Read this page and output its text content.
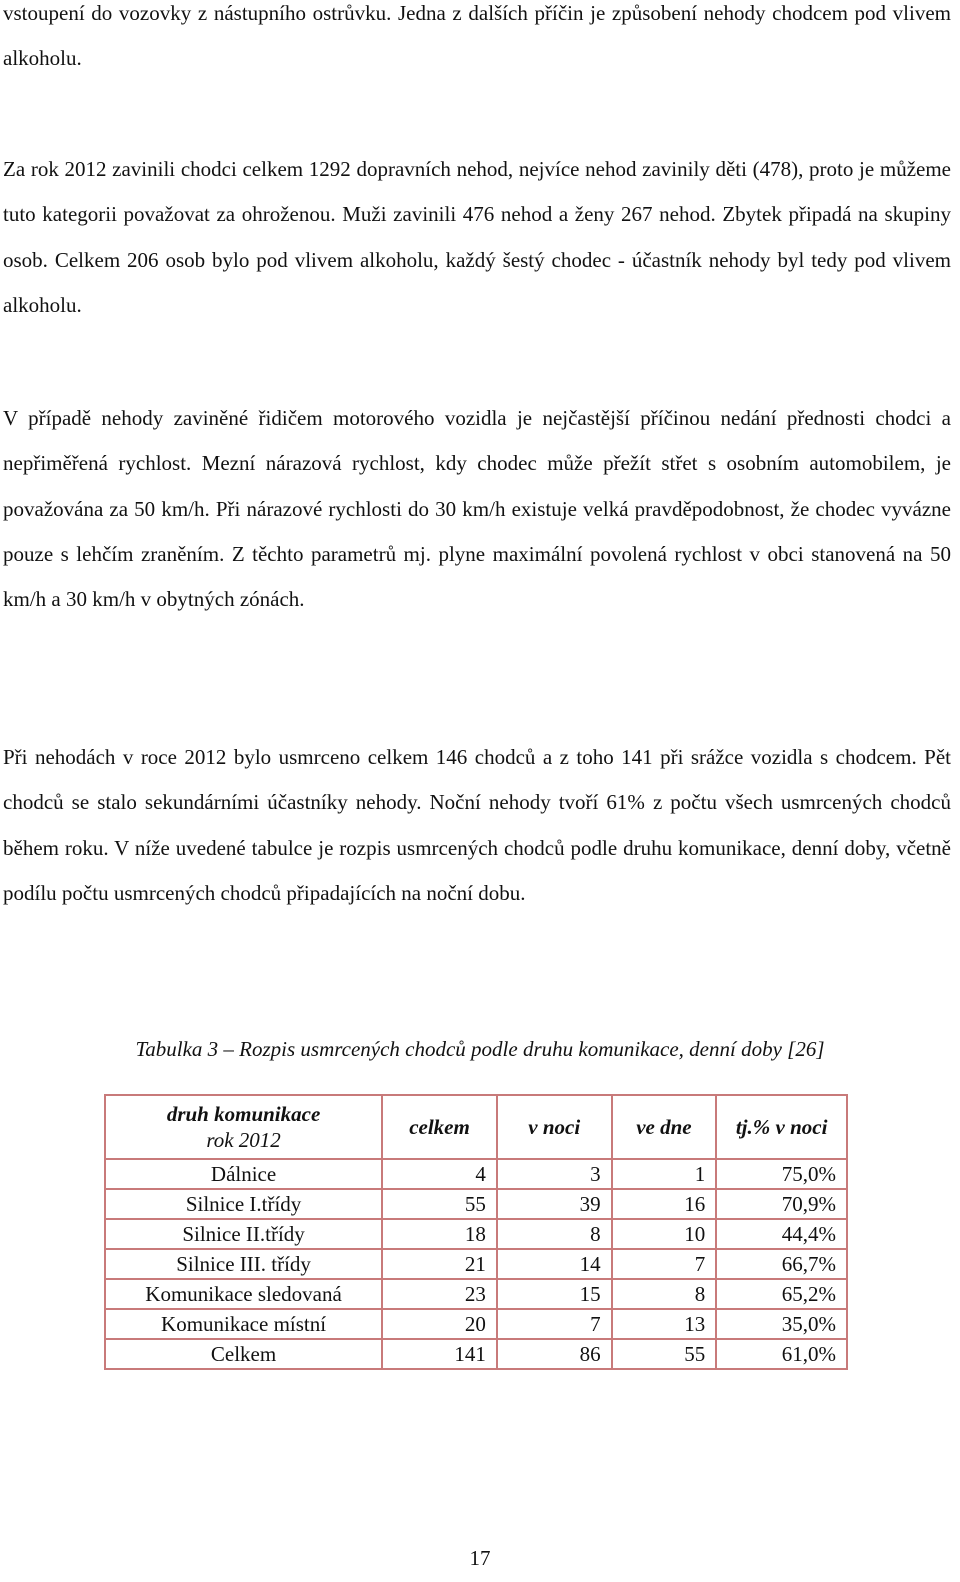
vstoupení do vozovky z nástupního ostrůvku. Jedna z dalších příčin je způsobení nehody chodcem pod vlivem alkoholu.

Za rok 2012 zavinili chodci celkem 1292 dopravních nehod, nejvíce nehod zavinily děti (478), proto je můžeme tuto kategorii považovat za ohroženou. Muži zavinili 476 nehod a ženy 267 nehod. Zbytek připadá na skupiny osob. Celkem 206 osob bylo pod vlivem alkoholu, každý šestý chodec - účastník nehody byl tedy pod vlivem alkoholu.

V případě nehody zaviněné řidičem motorového vozidla je nejčastější příčinou nedání přednosti chodci a nepřiměřená rychlost. Mezní nárazová rychlost, kdy chodec může přežít střet s osobním automobilem, je považována za 50 km/h. Při nárazové rychlosti do 30 km/h existuje velká pravděpodobnost, že chodec vyvázne pouze s lehčím zraněním. Z těchto parametrů mj. plyne maximální povolená rychlost v obci stanovená na 50 km/h a 30 km/h v obytných zónách.

Při nehodách v roce 2012 bylo usmrceno celkem 146 chodců a z toho 141 při srážce vozidla s chodcem. Pět chodců se stalo sekundárními účastníky nehody. Noční nehody tvoří 61% z počtu všech usmrcených chodců během roku. V níže uvedené tabulce je rozpis usmrcených chodců podle druhu komunikace, denní doby, včetně podílu počtu usmrcených chodců připadajících na noční dobu.

Tabulka 3 – Rozpis usmrcených chodců podle druhu komunikace, denní doby [26]

druh komunikace
rok 2012	celkem	v noci	ve dne	tj.% v noci
Dálnice	4	3	1	75,0%
Silnice I.třídy	55	39	16	70,9%
Silnice II.třídy	18	8	10	44,4%
Silnice III. třídy	21	14	7	66,7%
Komunikace sledovaná	23	15	8	65,2%
Komunikace místní	20	7	13	35,0%
Celkem	141	86	55	61,0%

17
